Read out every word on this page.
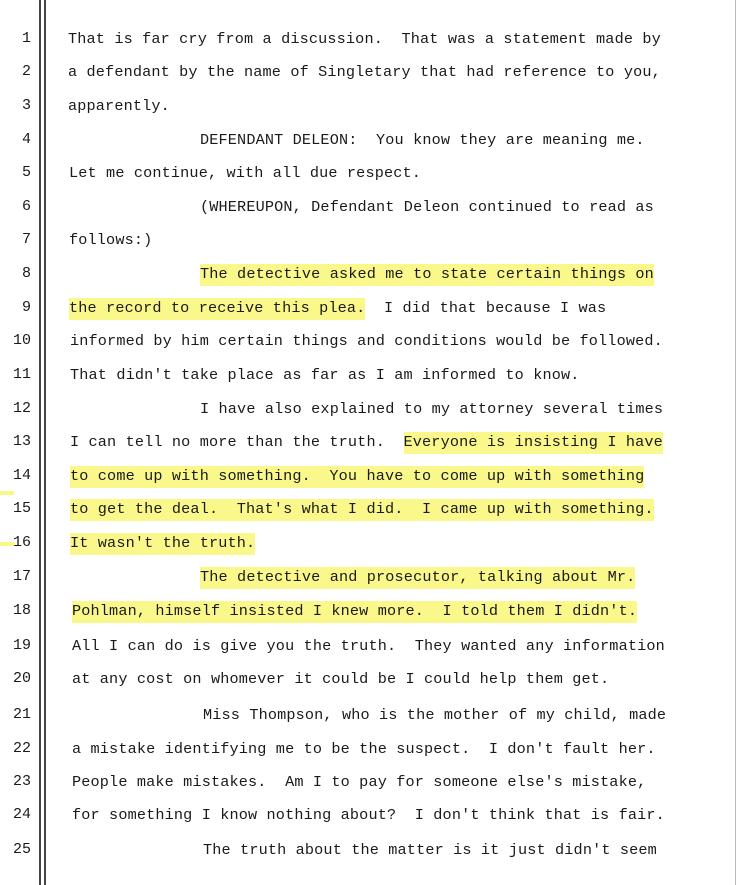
1 That is far cry from a discussion.  That was a statement made by
2 a defendant by the name of Singletary that had reference to you,
3 apparently.
4	DEFENDANT DELEON:  You know they are meaning me.
5	Let me continue, with all due respect.
6	(WHEREUPON, Defendant Deleon continued to read as
7	follows:)
8	The detective asked me to state certain things on
9	the record to receive this plea.  I did that because I was
10	informed by him certain things and conditions would be followed.
11	That didn't take place as far as I am informed to know.
12	I have also explained to my attorney several times
13	I can tell no more than the truth.  Everyone is insisting I have
14	to come up with something.  You have to come up with something
15	to get the deal.  That's what I did.  I came up with something.
16	It wasn't the truth.
17	The detective and prosecutor, talking about Mr.
18	Pohlman, himself insisted I knew more.  I told them I didn't.
19	All I can do is give you the truth.  They wanted any information
20	at any cost on whomever it could be I could help them get.
21	Miss Thompson, who is the mother of my child, made
22	a mistake identifying me to be the suspect.  I don't fault her.
23	People make mistakes.  Am I to pay for someone else's mistake,
24	for something I know nothing about?  I don't think that is fair.
25	The truth about the matter is it just didn't seem
